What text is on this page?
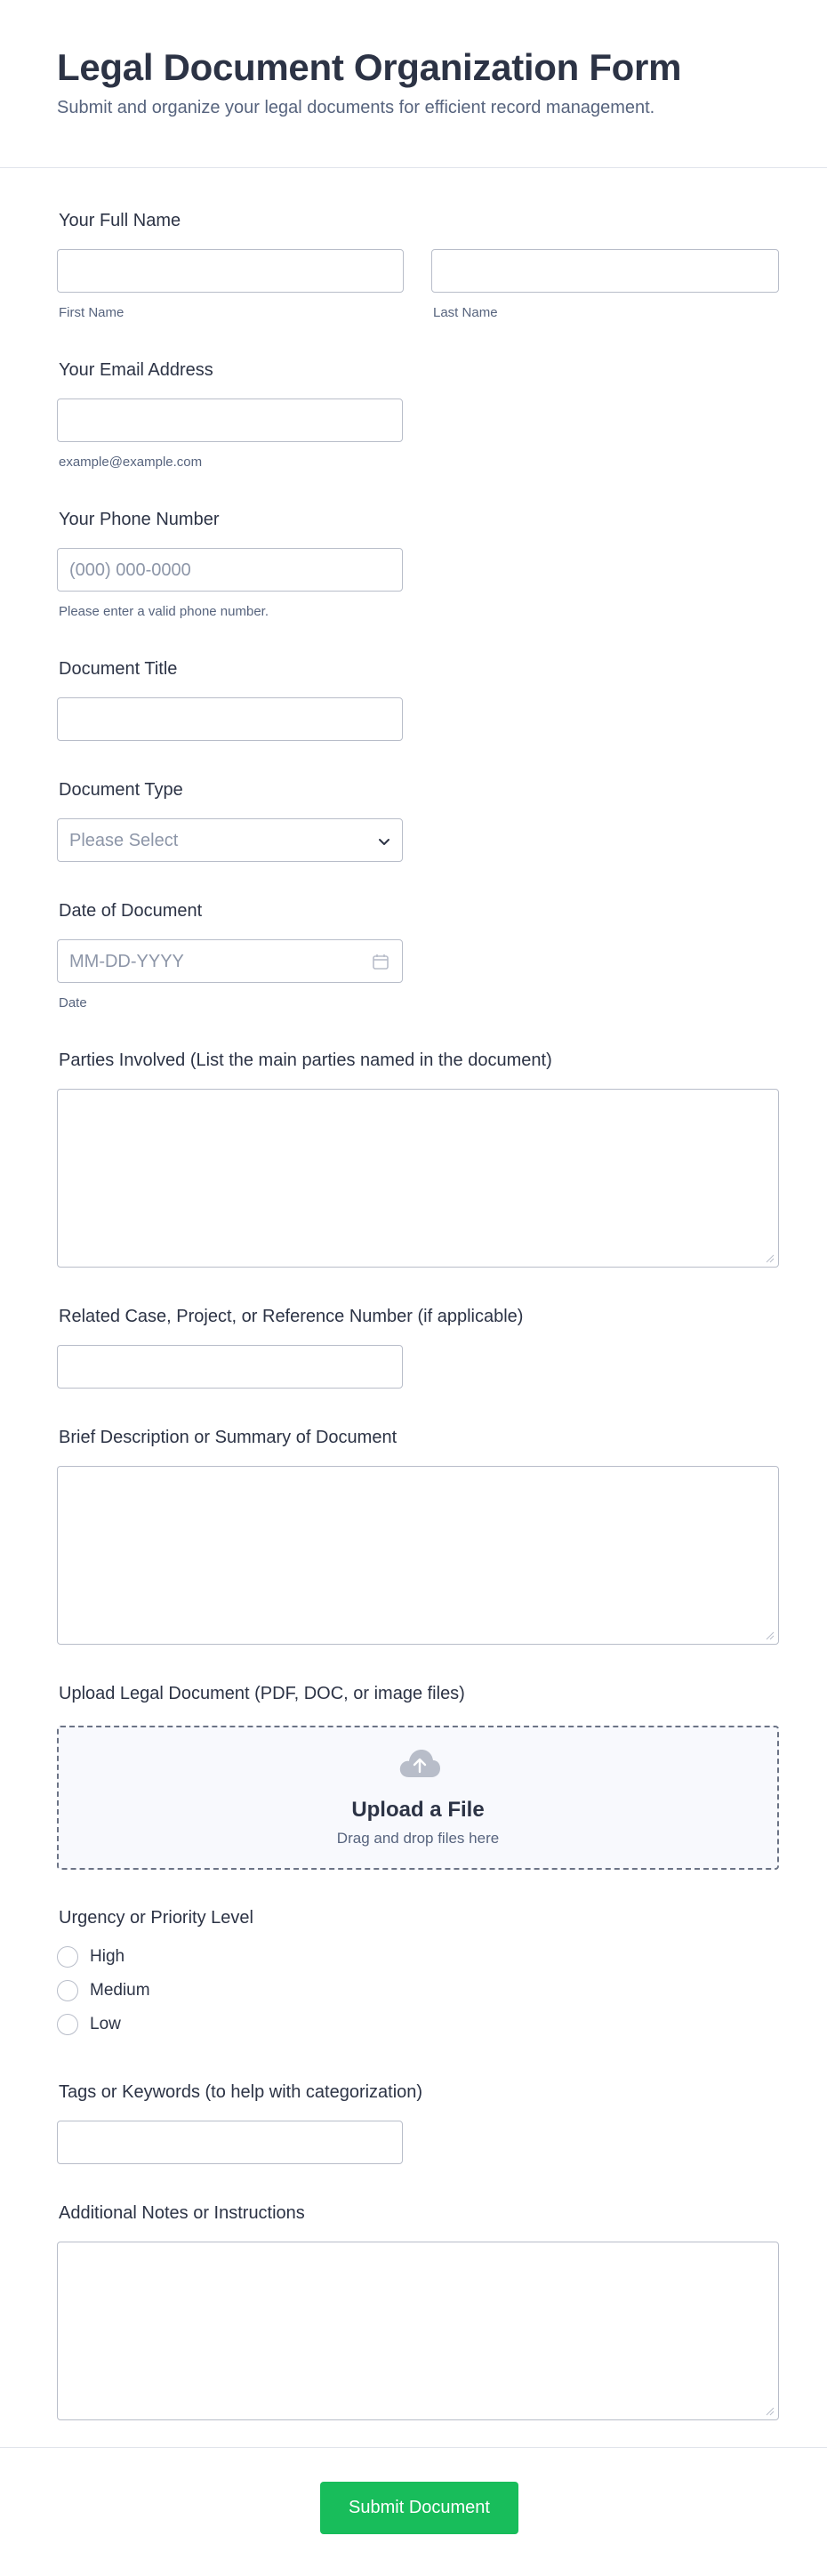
Legal Document Organization Form

Submit and organize your legal documents for efficient record management.

Your Full Name
First Name	Last Name
Your Email Address
example@example.com
Your Phone Number
(000) 000-0000
Please enter a valid phone number.
Document Title
Document Type
Please Select
Date of Document
MM-DD-YYYY
Date
Parties Involved (List the main parties named in the document)
Related Case, Project, or Reference Number (if applicable)
Brief Description or Summary of Document
Upload Legal Document (PDF, DOC, or image files)
Upload a File
Drag and drop files here
Urgency or Priority Level
High
Medium
Low
Tags or Keywords (to help with categorization)
Additional Notes or Instructions
Submit Document
